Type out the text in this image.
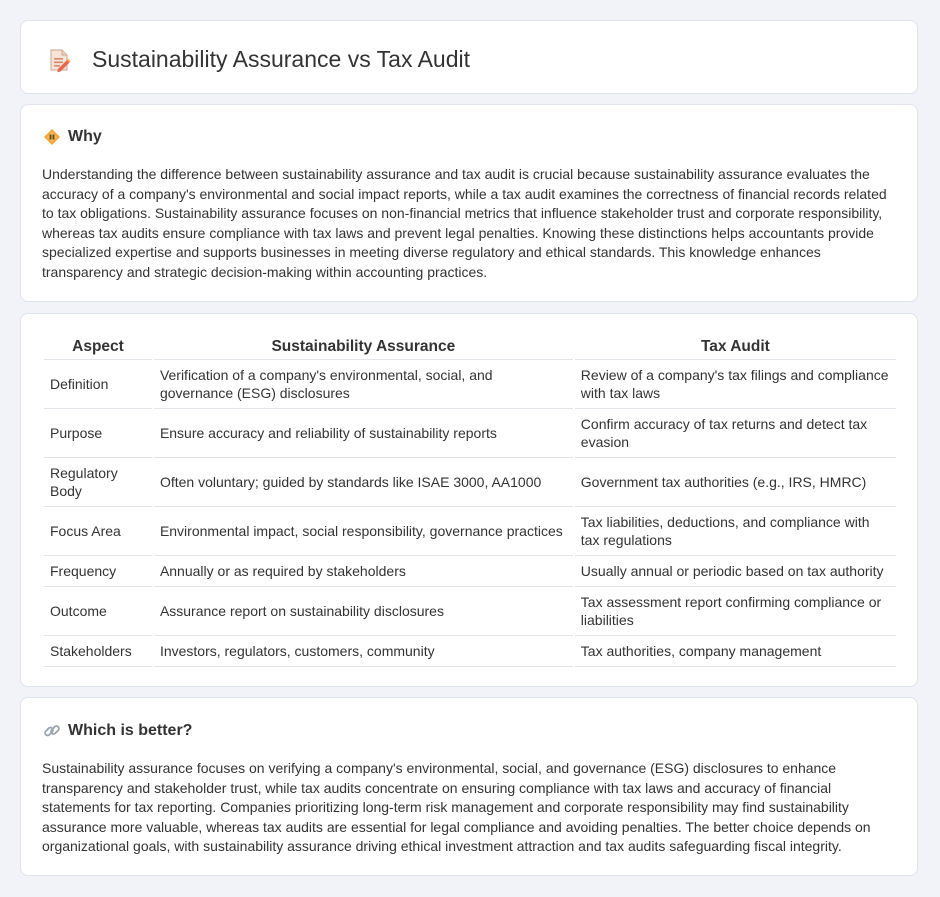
Sustainability Assurance vs Tax Audit
Why

Understanding the difference between sustainability assurance and tax audit is crucial because sustainability assurance evaluates the accuracy of a company's environmental and social impact reports, while a tax audit examines the correctness of financial records related to tax obligations. Sustainability assurance focuses on non-financial metrics that influence stakeholder trust and corporate responsibility, whereas tax audits ensure compliance with tax laws and prevent legal penalties. Knowing these distinctions helps accountants provide specialized expertise and supports businesses in meeting diverse regulatory and ethical standards. This knowledge enhances transparency and strategic decision-making within accounting practices.

Aspect	Sustainability Assurance	Tax Audit
Definition	Verification of a company's environmental, social, and governance (ESG) disclosures	Review of a company's tax filings and compliance with tax laws
Purpose	Ensure accuracy and reliability of sustainability reports	Confirm accuracy of tax returns and detect tax evasion
Regulatory Body	Often voluntary; guided by standards like ISAE 3000, AA1000	Government tax authorities (e.g., IRS, HMRC)
Focus Area	Environmental impact, social responsibility, governance practices	Tax liabilities, deductions, and compliance with tax regulations
Frequency	Annually or as required by stakeholders	Usually annual or periodic based on tax authority
Outcome	Assurance report on sustainability disclosures	Tax assessment report confirming compliance or liabilities
Stakeholders	Investors, regulators, customers, community	Tax authorities, company management
Which is better?

Sustainability assurance focuses on verifying a company's environmental, social, and governance (ESG) disclosures to enhance transparency and stakeholder trust, while tax audits concentrate on ensuring compliance with tax laws and accuracy of financial statements for tax reporting. Companies prioritizing long-term risk management and corporate responsibility may find sustainability assurance more valuable, whereas tax audits are essential for legal compliance and avoiding penalties. The better choice depends on organizational goals, with sustainability assurance driving ethical investment attraction and tax audits safeguarding fiscal integrity.
